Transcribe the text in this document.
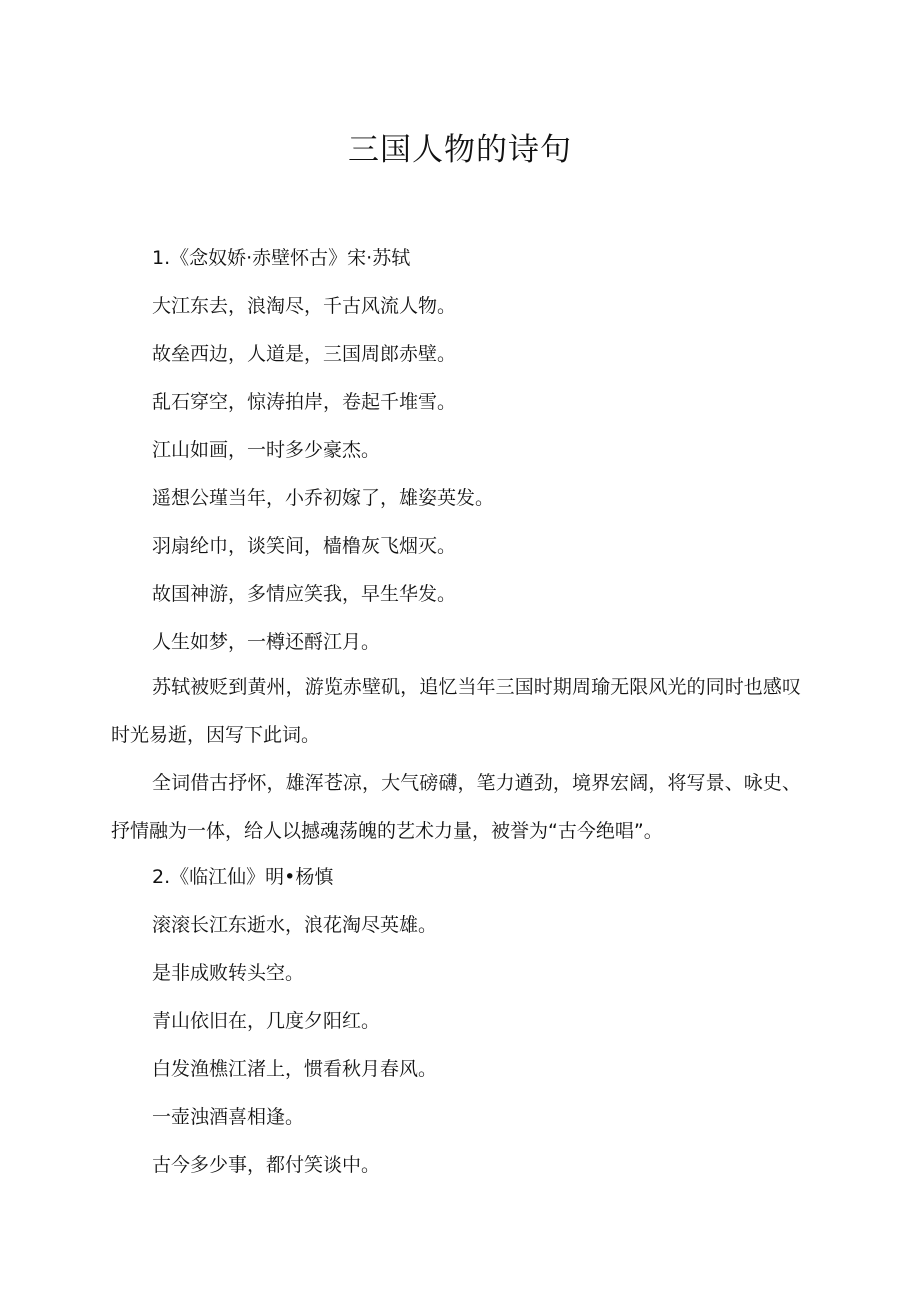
三国人物的诗句
1.《念奴娇·赤壁怀古》宋·苏轼
大江东去，浪淘尽，千古风流人物。
故垒西边，人道是，三国周郎赤壁。
乱石穿空，惊涛拍岸，卷起千堆雪。
江山如画，一时多少豪杰。
遥想公瑾当年，小乔初嫁了，雄姿英发。
羽扇纶巾，谈笑间，樯橹灰飞烟灭。
故国神游，多情应笑我，早生华发。
人生如梦，一樽还酹江月。
苏轼被贬到黄州，游览赤壁矶，追忆当年三国时期周瑜无限风光的同时也感叹时光易逝，因写下此词。
全词借古抒怀，雄浑苍凉，大气磅礴，笔力遒劲，境界宏阔，将写景、咏史、抒情融为一体，给人以撼魂荡魄的艺术力量，被誉为“古今绝唱”。
2.《临江仙》明•杨慎
滚滚长江东逝水，浪花淘尽英雄。
是非成败转头空。
青山依旧在，几度夕阳红。
白发渔樵江渚上，惯看秋月春风。
一壶浊酒喜相逢。
古今多少事，都付笑谈中。
